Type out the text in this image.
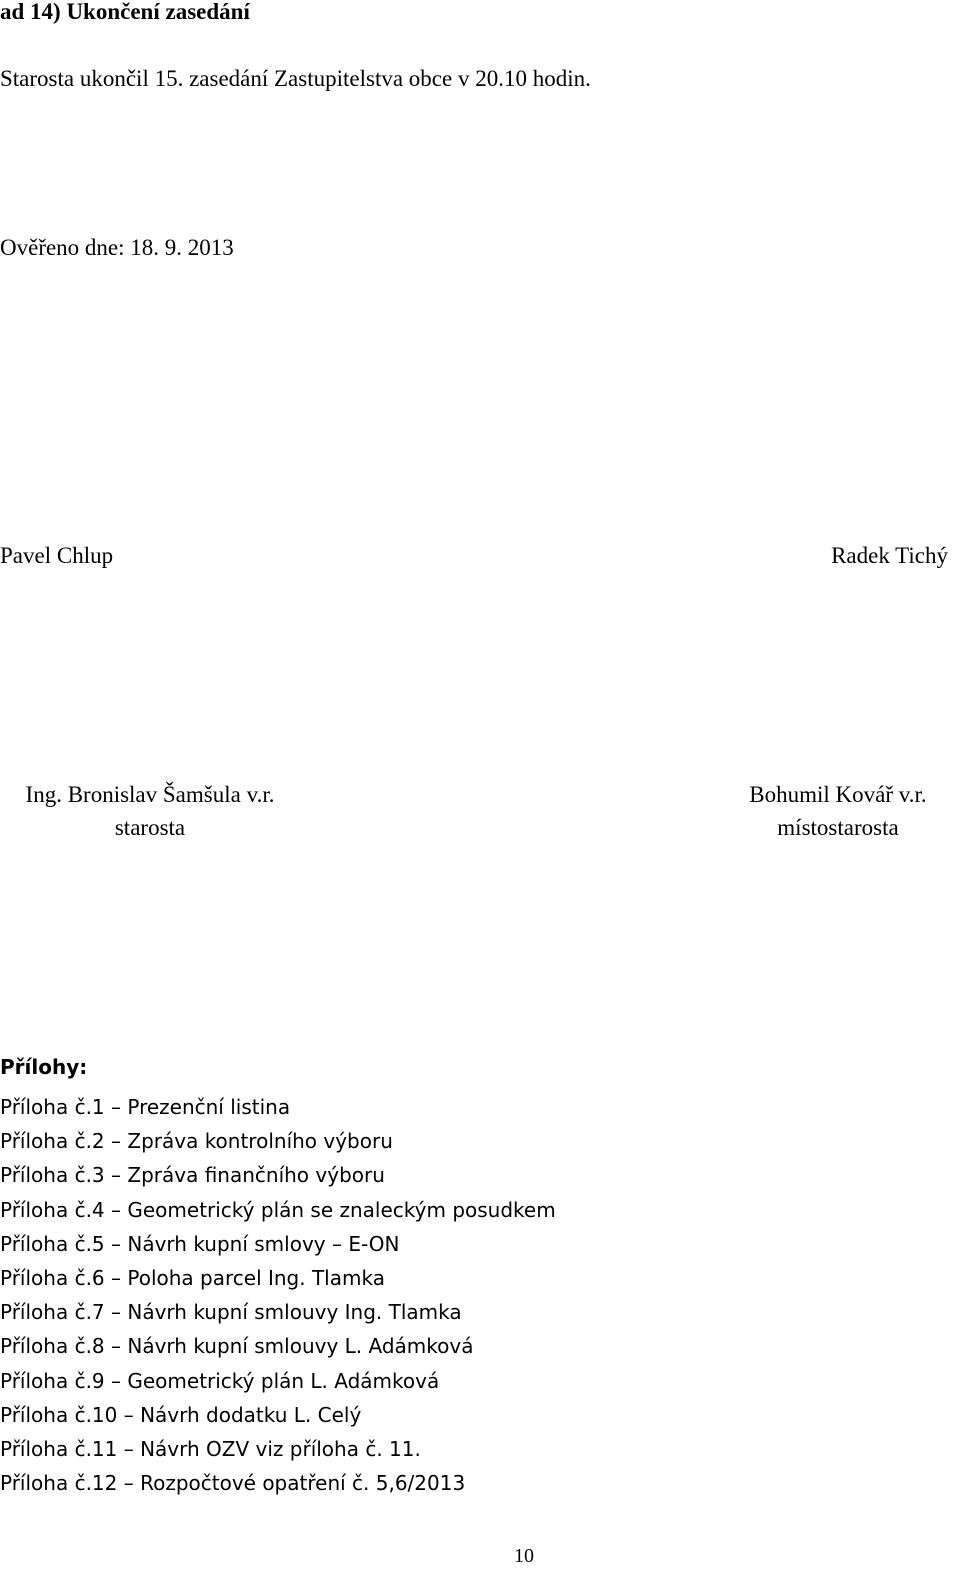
ad 14) Ukončení zasedání
Starosta ukončil 15. zasedání Zastupitelstva obce v 20.10 hodin.
Ověřeno dne: 18. 9. 2013
Pavel Chlup	Radek Tichý
Ing. Bronislav Šamšula v.r.
starosta
Bohumil Kovář v.r.
místostarosta
Přílohy:
Příloha č.1 – Prezenční listina
Příloha č.2 – Zpráva kontrolního výboru
Příloha č.3 – Zpráva finančního výboru
Příloha č.4 – Geometrický plán se znaleckým posudkem
Příloha č.5 – Návrh kupní smlovy – E-ON
Příloha č.6 – Poloha parcel Ing. Tlamka
Příloha č.7 – Návrh kupní smlouvy Ing. Tlamka
Příloha č.8 – Návrh kupní smlouvy L. Adámková
Příloha č.9 – Geometrický plán L. Adámková
Příloha č.10 – Návrh dodatku L. Celý
Příloha č.11 – Návrh OZV viz příloha č. 11.
Příloha č.12 – Rozpočtové opatření č. 5,6/2013
10
